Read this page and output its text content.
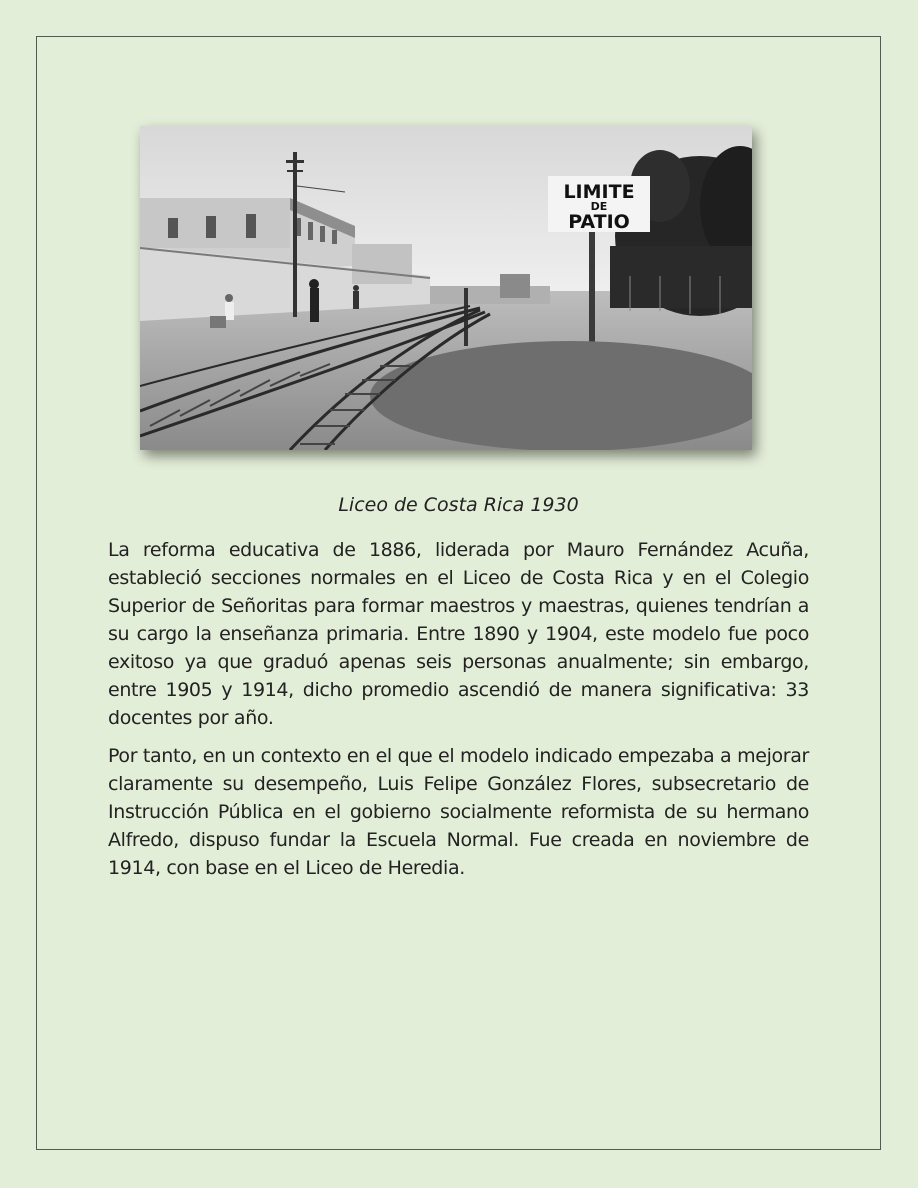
LIMITE
DE
PATIO

Liceo de Costa Rica 1930

La reforma educativa de 1886, liderada por Mauro Fernández Acuña, estableció secciones normales en el Liceo de Costa Rica y en el Colegio Superior de Señoritas para formar maestros y maestras, quienes tendrían a su cargo la enseñanza primaria. Entre 1890 y 1904, este modelo fue poco exitoso ya que graduó apenas seis personas anualmente; sin embargo, entre 1905 y 1914, dicho promedio ascendió de manera significativa: 33 docentes por año.

Por tanto, en un contexto en el que el modelo indicado empezaba a mejorar claramente su desempeño, Luis Felipe González Flores, subsecretario de Instrucción Pública en el gobierno socialmente reformista de su hermano Alfredo, dispuso fundar la Escuela Normal. Fue creada en noviembre de 1914, con base en el Liceo de Heredia.
